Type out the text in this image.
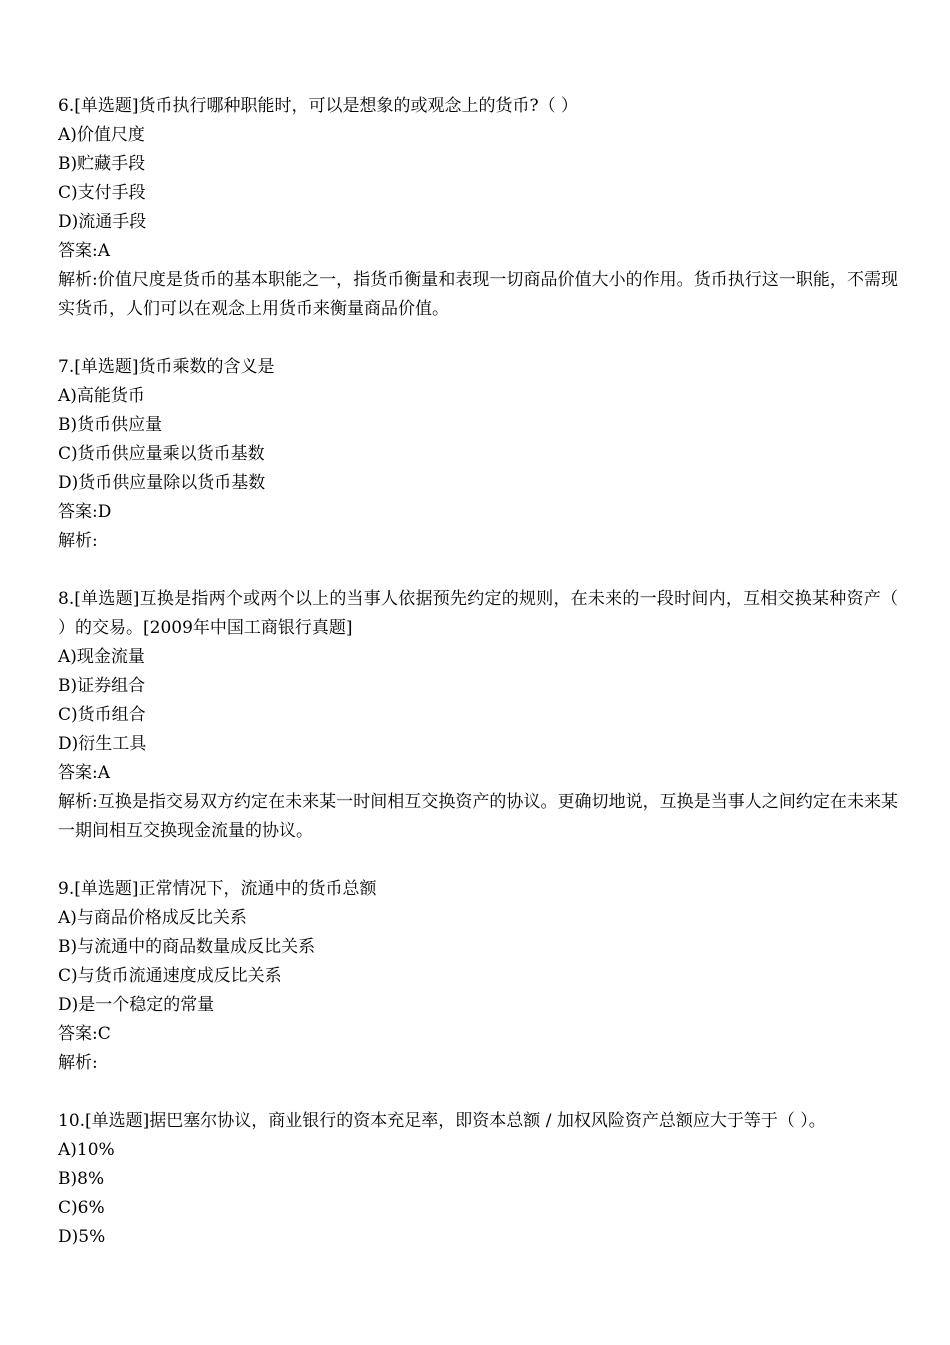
6.[单选题]货币执行哪种职能时，可以是想象的或观念上的货币?（ ）
A)价值尺度
B)贮藏手段
C)支付手段
D)流通手段
答案:A
解析:价值尺度是货币的基本职能之一，指货币衡量和表现一切商品价值大小的作用。货币执行这一职能，不需现实货币，人们可以在观念上用货币来衡量商品价值。
7.[单选题]货币乘数的含义是
A)高能货币
B)货币供应量
C)货币供应量乘以货币基数
D)货币供应量除以货币基数
答案:D
解析:
8.[单选题]互换是指两个或两个以上的当事人依据预先约定的规则，在未来的一段时间内，互相交换某种资产（ ）的交易。[2009年中国工商银行真题]
A)现金流量
B)证券组合
C)货币组合
D)衍生工具
答案:A
解析:互换是指交易双方约定在未来某一时间相互交换资产的协议。更确切地说，互换是当事人之间约定在未来某一期间相互交换现金流量的协议。
9.[单选题]正常情况下，流通中的货币总额
A)与商品价格成反比关系
B)与流通中的商品数量成反比关系
C)与货币流通速度成反比关系
D)是一个稳定的常量
答案:C
解析:
10.[单选题]据巴塞尔协议，商业银行的资本充足率，即资本总额 / 加权风险资产总额应大于等于（ ）。
A)10%
B)8%
C)6%
D)5%
